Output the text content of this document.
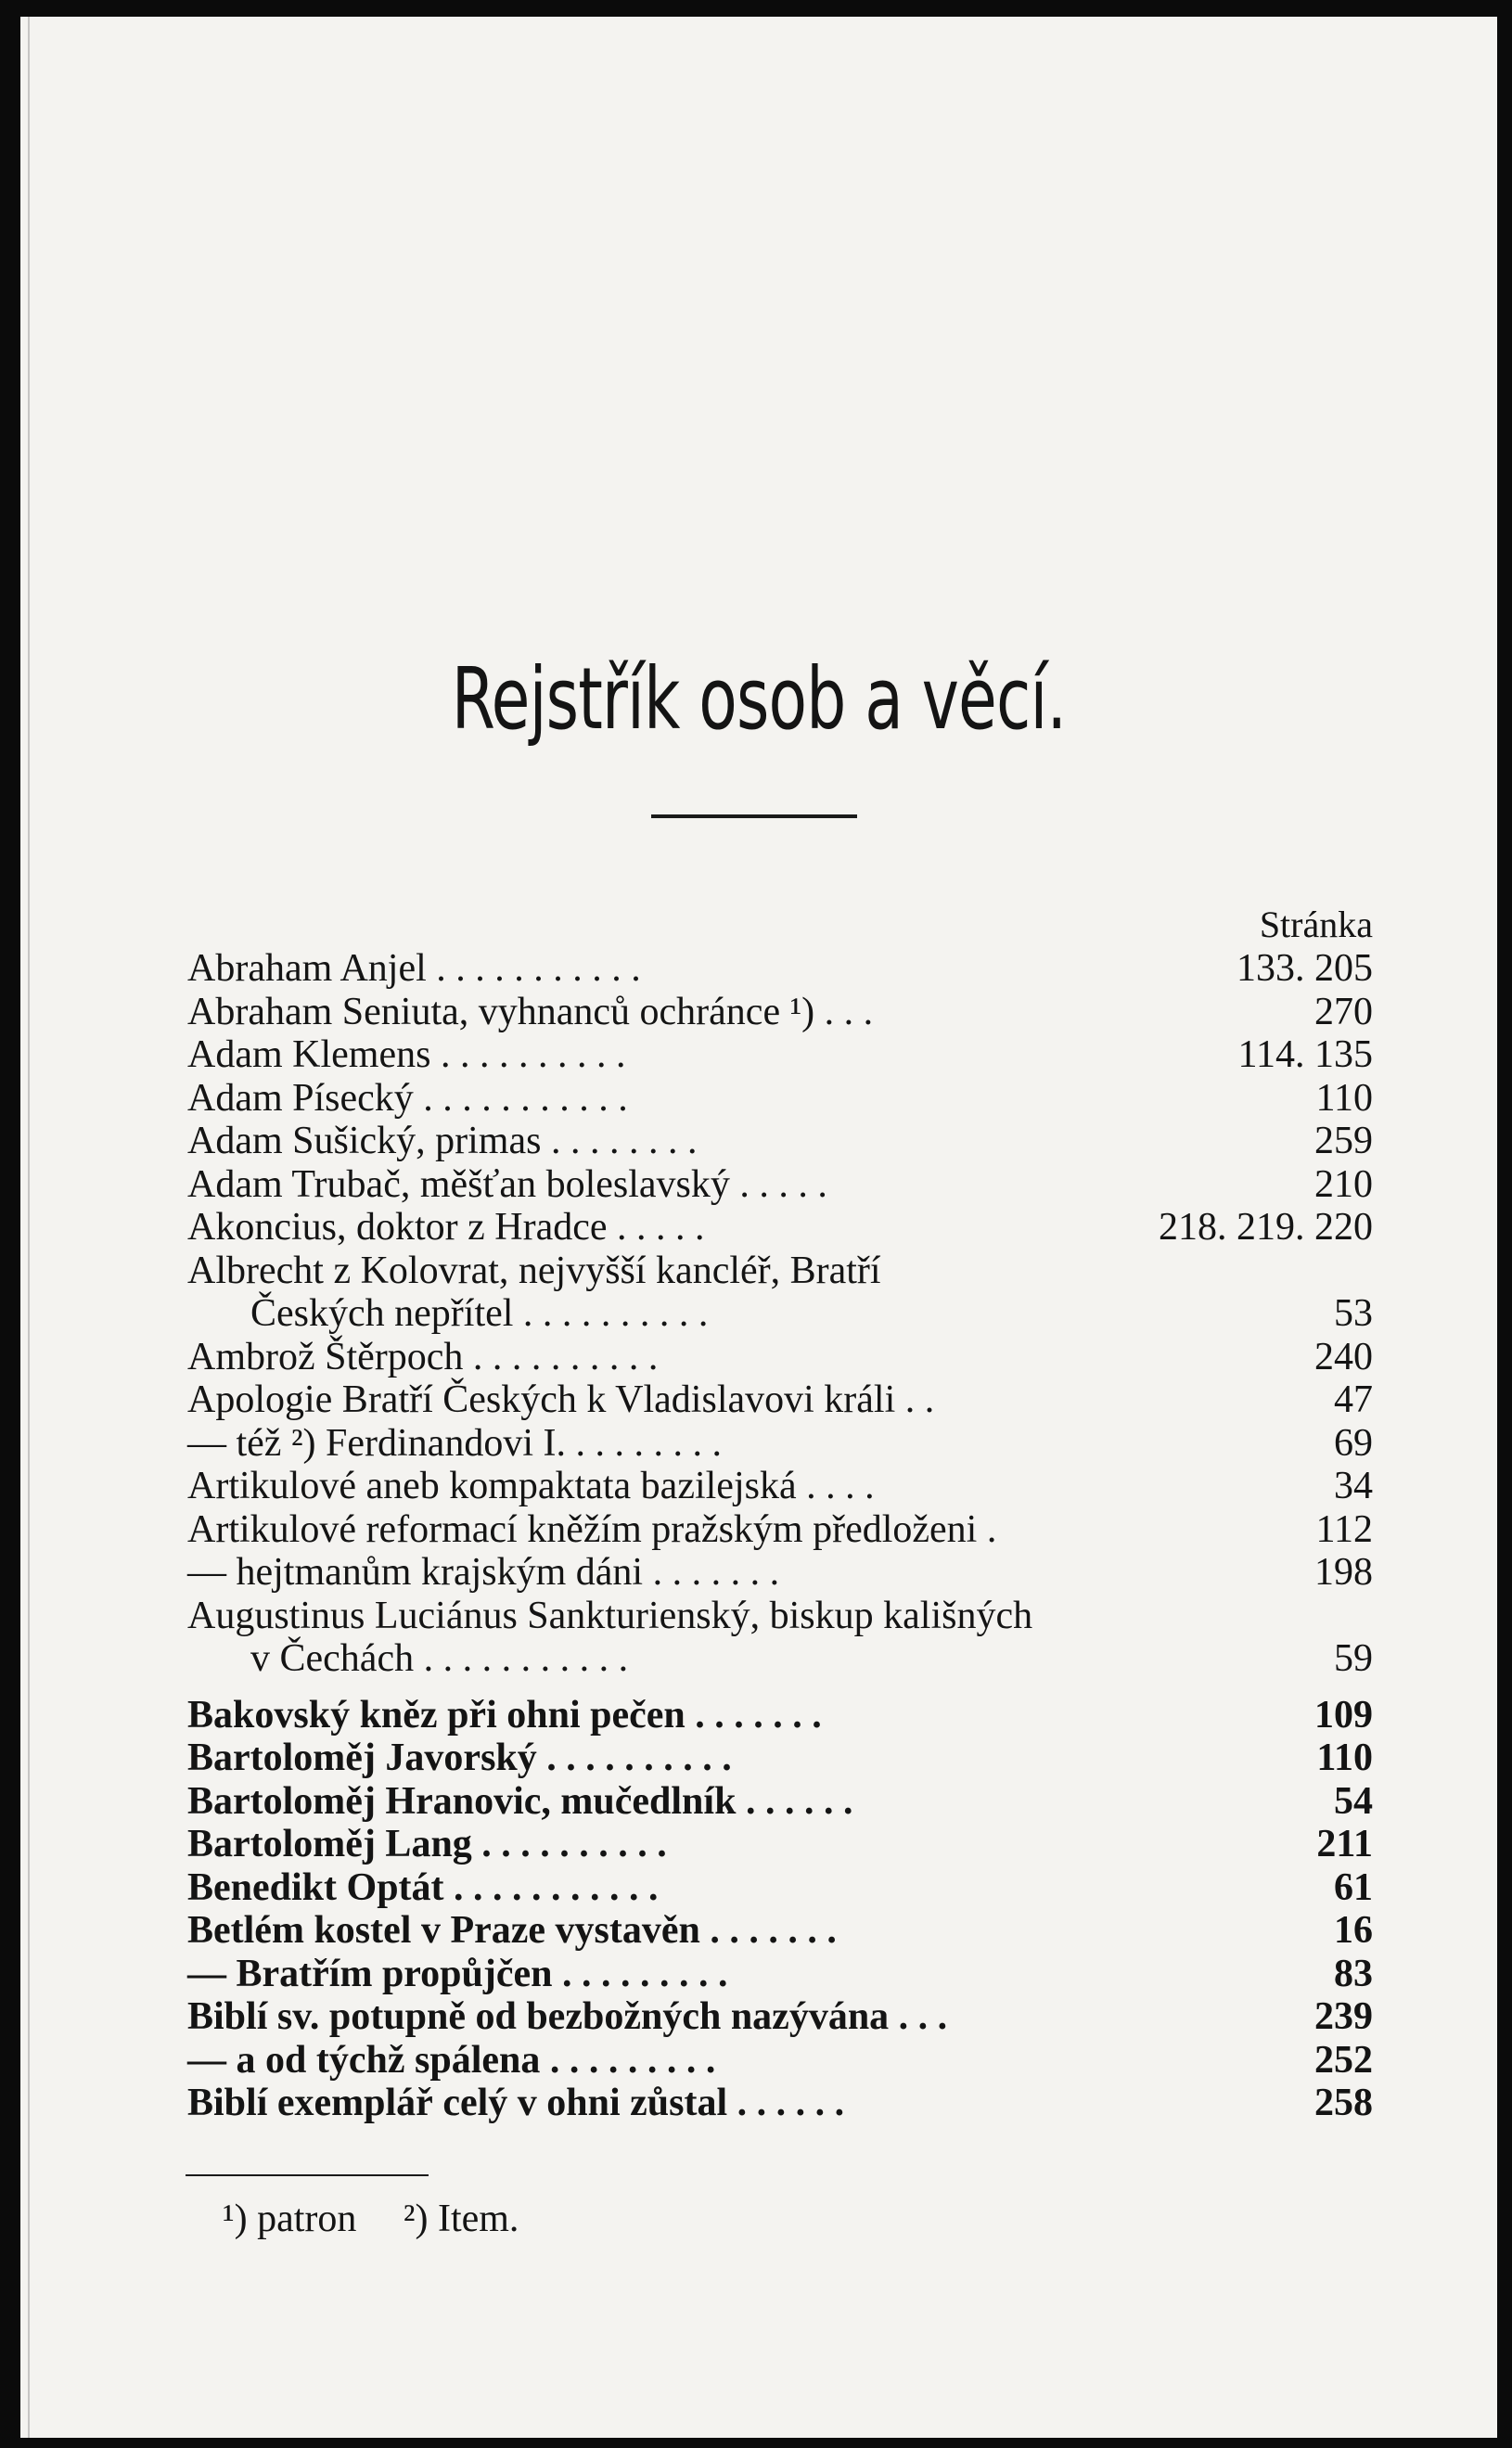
Rejstřík osob a věcí.
Stránka
Abraham Anjel . . . . . . . . . . .	133. 205
Abraham Seniuta, vyhnanců ochránce ¹) . . .	270
Adam Klemens . . . . . . . . . .	114. 135
Adam Písecký . . . . . . . . . . .	110
Adam Sušický, primas . . . . . . . .	259
Adam Trubač, měšťan boleslavský . . . . .	210
Akoncius, doktor z Hradce . . . . .	218. 219. 220
Albrecht z Kolovrat, nejvyšší kancléř, Bratří
Českých nepřítel . . . . . . . . . .	53
Ambrož Štěrpoch . . . . . . . . . .	240
Apologie Bratří Českých k Vladislavovi králi . .	47
— též ²) Ferdinandovi I. . . . . . . . .	69
Artikulové aneb kompaktata bazilejská . . . .	34
Artikulové reformací kněžím pražským předloženi .	112
— hejtmanům krajským dáni . . . . . . .	198
Augustinus Luciánus Sankturienský, biskup kališných
v Čechách . . . . . . . . . . .	59
Bakovský kněz při ohni pečen . . . . . . .	109
Bartoloměj Javorský . . . . . . . . . .	110
Bartoloměj Hranovic, mučedlník . . . . . .	54
Bartoloměj Lang . . . . . . . . . .	211
Benedikt Optát . . . . . . . . . . .	61
Betlém kostel v Praze vystavěn . . . . . . .	16
— Bratřím propůjčen . . . . . . . . .	83
Biblí sv. potupně od bezbožných nazývána . . .	239
— a od týchž spálena . . . . . . . . .	252
Biblí exemplář celý v ohni zůstal . . . . . .	258
¹) patron ²) Item.
